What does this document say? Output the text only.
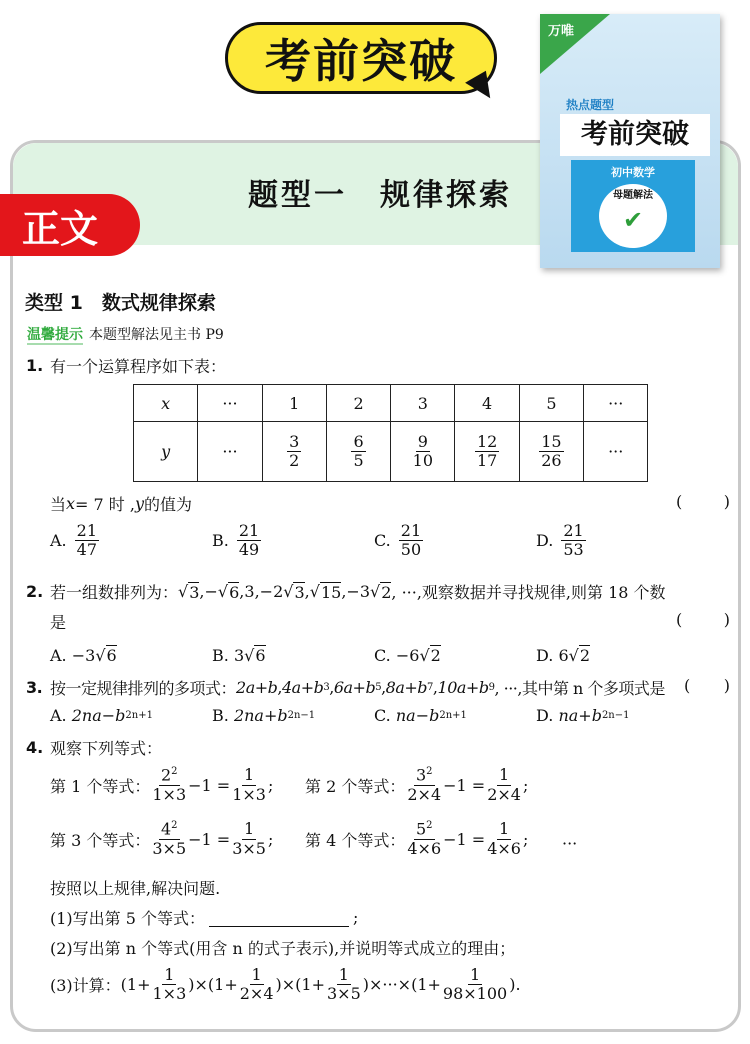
考前突破
题型一　规律探索
正文
万唯
热点题型
考前突破
初中数学
母题解法
✔
类型 1　数式规律探索
温馨提示 本题型解法见主书 P9
1. 有一个运算程序如下表：
x	···	1	2	3	4	5	···
y	···	$\frac{3}{2}$	$\frac{6}{5}$	$\frac{9}{10}$	$\frac{12}{17}$	$\frac{15}{26}$	···
当 x = 7 时 , y 的值为	(	)
A. $\frac{21}{47}$	B. $\frac{21}{49}$	C. $\frac{21}{50}$	D. $\frac{21}{53}$
2. 若一组数排列为： √ 3 , − √ 6 , 3 , −2 √ 3 ,
√ 15 , −3 √ 2 , ···,观察数据并寻找规律,则第 18 个数
是	(	)
A.
−3 √ 6	B.
3 √ 6	C.
−6 √ 2	D.
6 √ 2
3. 按一定规律排列的多项式： 2a+b , 4a+b 3 , 6a+b 5 , 8a+b 7 , 10a+b 9 , ···,其中第 n 个多项式是 ( )
A.
2na−b 2n+1	B.
2na+b 2n−1	C.
na−b 2n+1	D.
na+b 2n−1
4. 观察下列等式：
第 1 个等式： $\frac{2^2}{1\times 3} -1 = \frac{1}{1\times 3}$ ; 第 2 个等式： $\frac{3^2}{2\times 4} -1 = \frac{1}{2\times 4}$ ;
第 3 个等式： $\frac{4^2}{3\times 5} -1 = \frac{1}{3\times 5}$ ; 第 4 个等式： $\frac{5^2}{4\times 6} -1 = \frac{1}{4\times 6}$ ; ···
按照以上规律,解决问题.
(1)写出第 5 个等式：	;
(2)写出第 n 个等式(用含 n 的式子表示),并说明等式成立的理由；
(3)计算： ($1+ \frac{1}{1\times 3}$ )× ($1+ \frac{1}{2\times 4}$ )× ($1+ \frac{1}{3\times 5}$ )×···× ($1+ \frac{1}{98\times 100}$ ).
